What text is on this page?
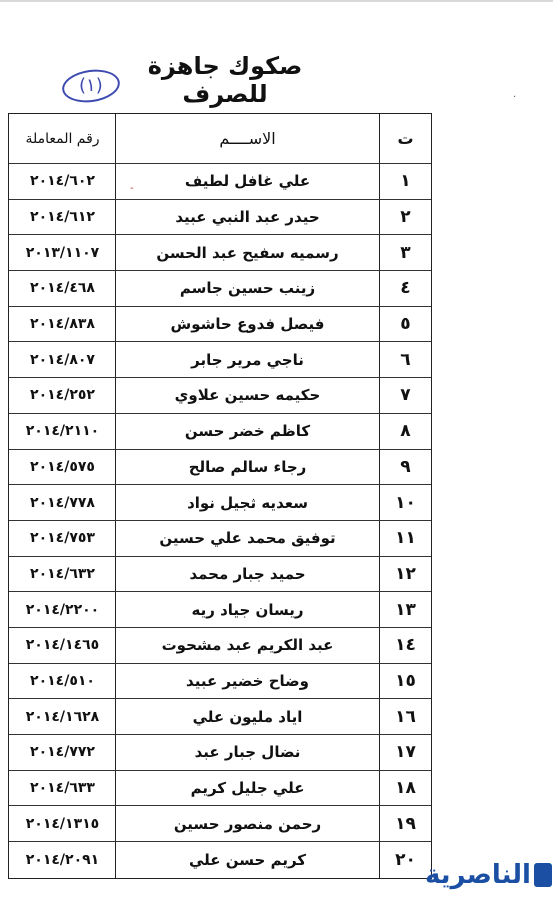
صكوك جاهزة للصرف
(١)
ت
الاســــم
رقم المعاملة
١
علي غافل لطيف
٢٠١٤/٦٠٢
٢
حيدر عبد النبي عبيد
٢٠١٤/٦١٢
٣
رسميه سفيح عبد الحسن
٢٠١٣/١١٠٧
٤
زينب حسين جاسم
٢٠١٤/٤٦٨
٥
فيصل فدوع حاشوش
٢٠١٤/٨٣٨
٦
ناجي مرير جابر
٢٠١٤/٨٠٧
٧
حكيمه حسين علاوي
٢٠١٤/٢٥٢
٨
كاظم خضر حسن
٢٠١٤/٢١١٠
٩
رجاء سالم صالح
٢٠١٤/٥٧٥
١٠
سعديه ثجيل نواد
٢٠١٤/٧٧٨
١١
توفيق محمد علي حسين
٢٠١٤/٧٥٣
١٢
حميد جبار محمد
٢٠١٤/٦٣٢
١٣
ريسان جياد ريه
٢٠١٤/٢٢٠٠
١٤
عبد الكريم عبد مشحوت
٢٠١٤/١٤٦٥
١٥
وضاح خضير عبيد
٢٠١٤/٥١٠
١٦
اياد مليون علي
٢٠١٤/١٦٢٨
١٧
نضال جبار عبد
٢٠١٤/٧٧٢
١٨
علي جليل كريم
٢٠١٤/٦٣٣
١٩
رحمن منصور حسين
٢٠١٤/١٣١٥
٢٠
كريم حسن علي
٢٠١٤/٢٠٩١
·
-
الناصرية
